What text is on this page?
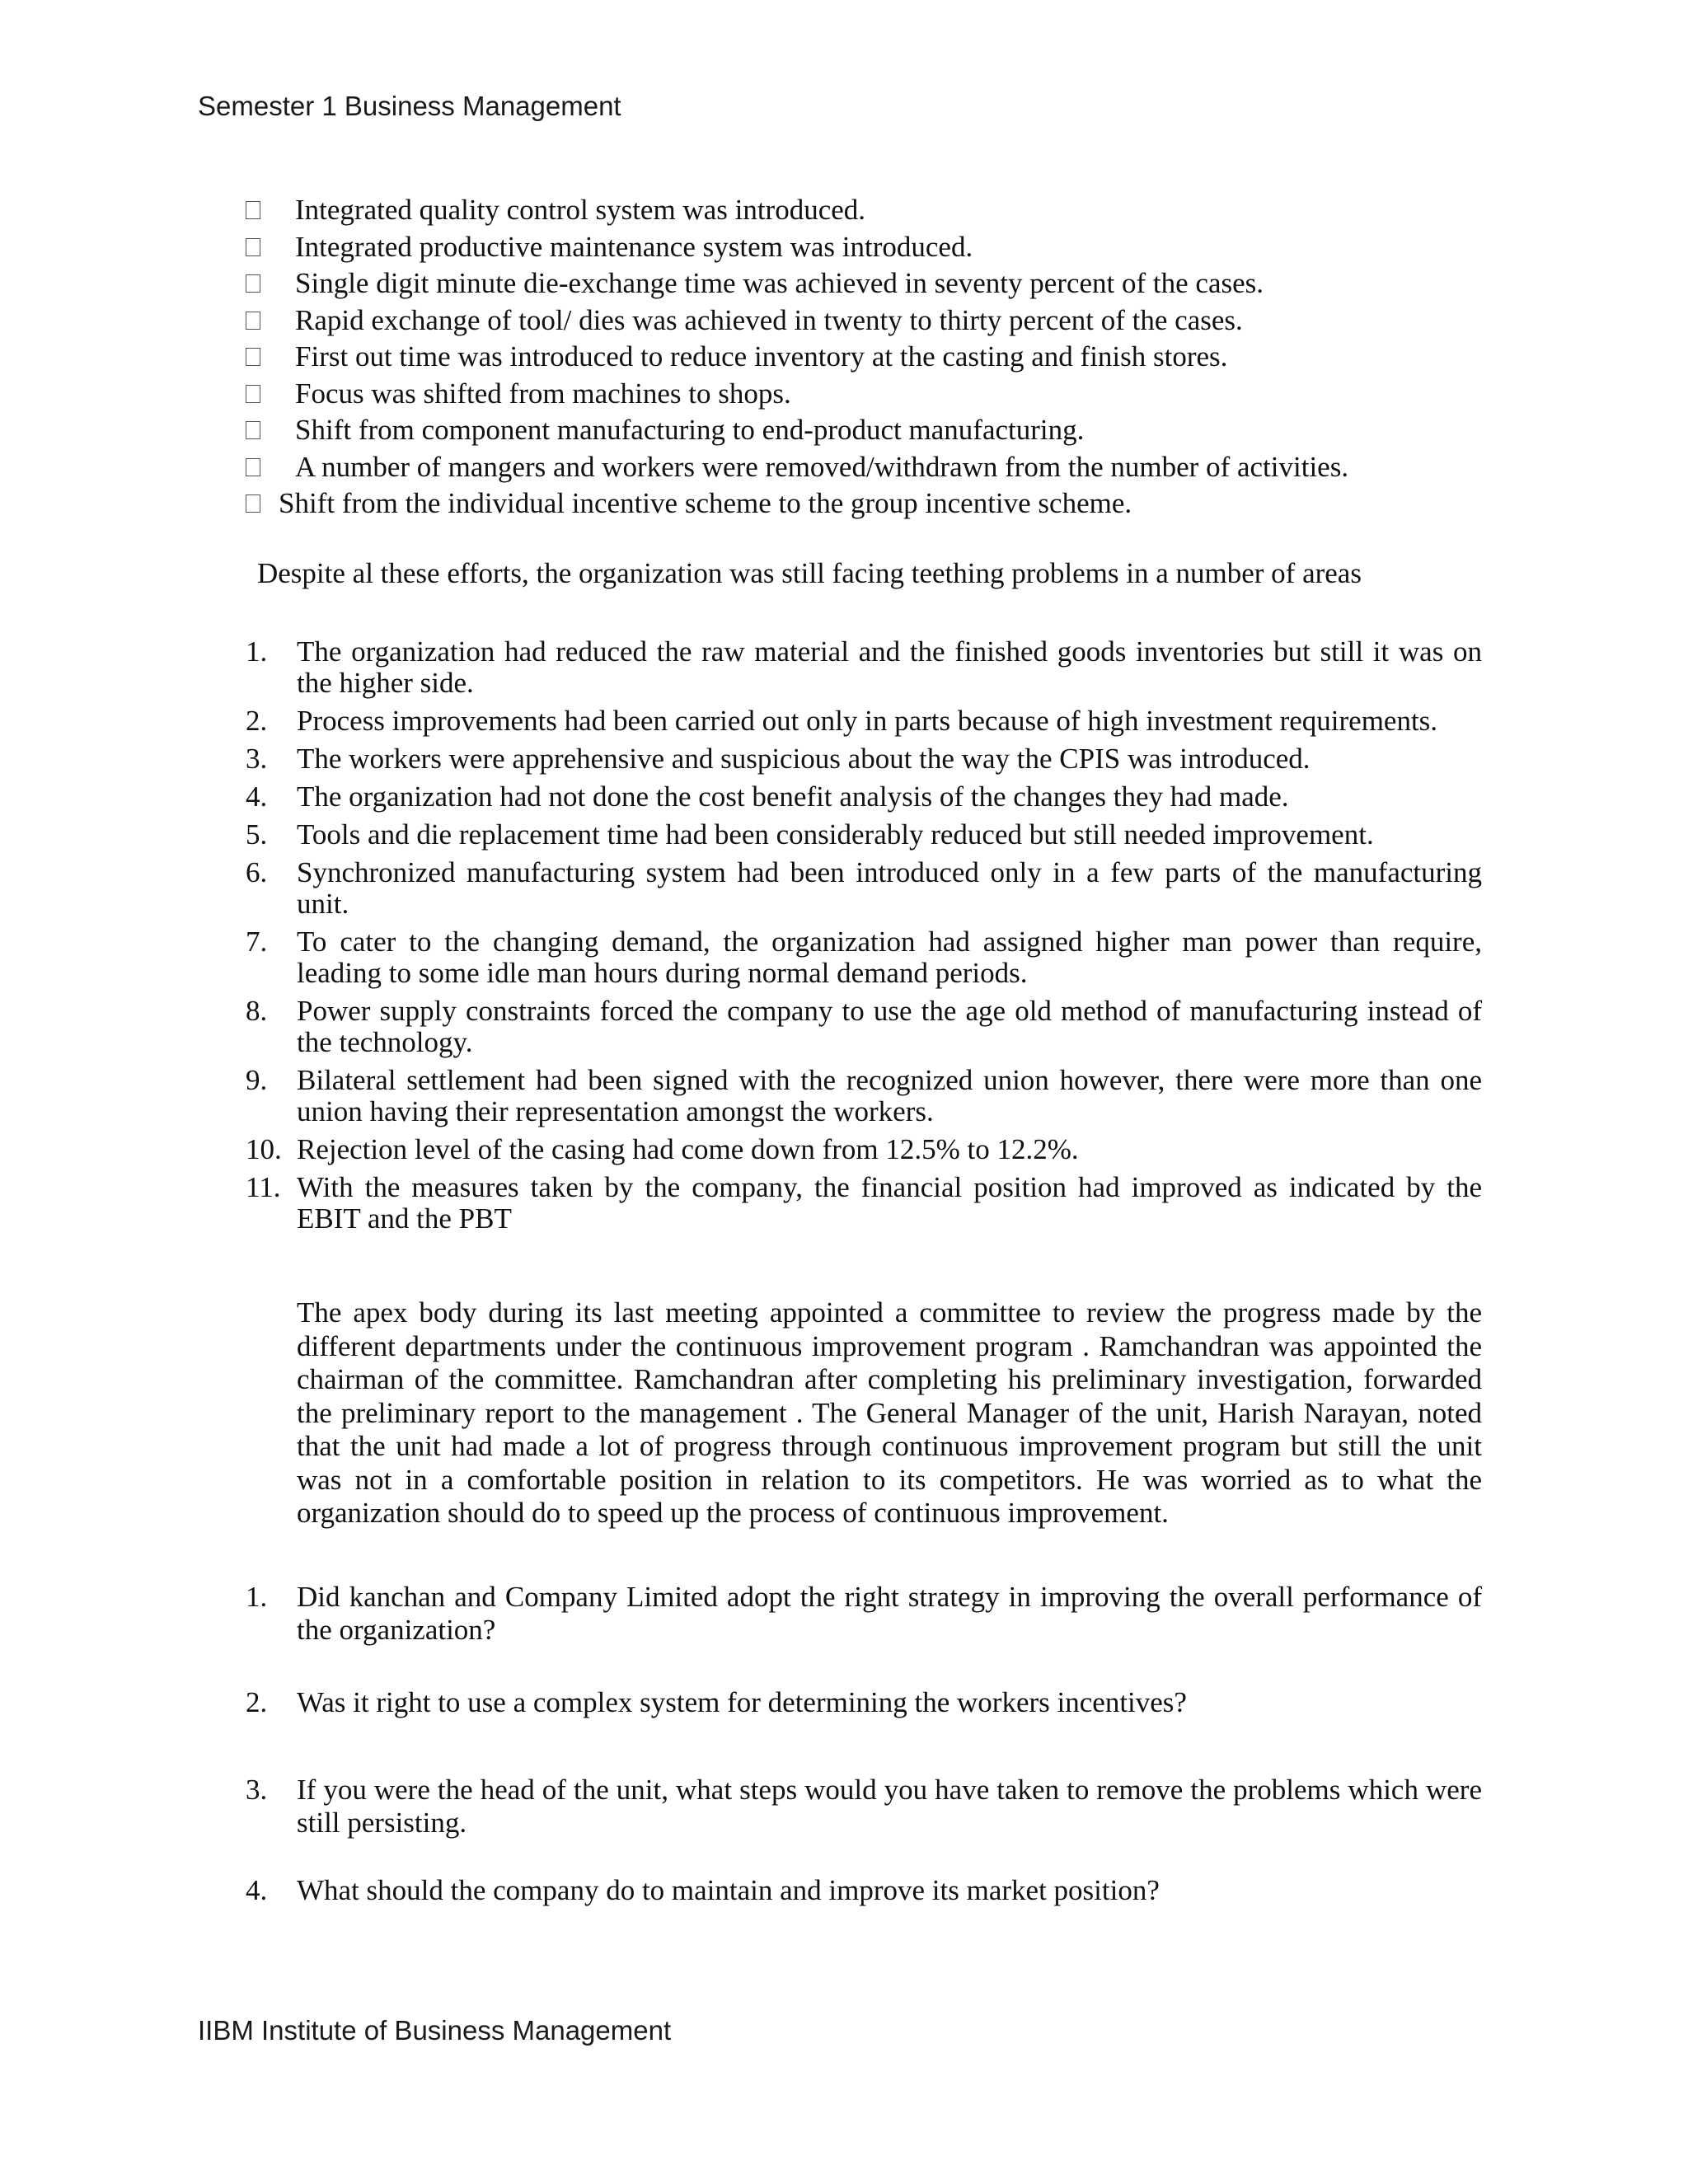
Semester 1 Business Management
Integrated quality control system was introduced.
Integrated productive maintenance system was introduced.
Single digit minute die-exchange time was achieved in seventy percent of the cases.
Rapid exchange of tool/ dies was achieved in twenty to thirty percent of the cases.
First out time was introduced to reduce inventory at the casting and finish stores.
Focus was shifted from machines to shops.
Shift from component manufacturing to end-product manufacturing.
A number of mangers and workers were removed/withdrawn from the number of activities.
Shift from the individual incentive scheme to the group incentive scheme.
Despite al these efforts, the organization was still facing teething problems in a number of areas
1. The organization had reduced the raw material and the finished goods inventories but still it was on the higher side.
2. Process improvements had been carried out only in parts because of high investment requirements.
3. The workers were apprehensive and suspicious about the way the CPIS was introduced.
4. The organization had not done the cost benefit analysis of the changes they had made.
5. Tools and die replacement time had been considerably reduced but still needed improvement.
6. Synchronized manufacturing system had been introduced only in a few parts of the manufacturing unit.
7. To cater to the changing demand, the organization had assigned higher man power than require, leading to some idle man hours during normal demand periods.
8. Power supply constraints forced the company to use the age old method of manufacturing instead of the technology.
9. Bilateral settlement had been signed with the recognized union however, there were more than one union having their representation amongst the workers.
10. Rejection level of the casing had come down from 12.5% to 12.2%.
11. With the measures taken by the company, the financial position had improved as indicated by the EBIT and the PBT

The apex body during its last meeting appointed a committee to review the progress made by the different departments under the continuous improvement program . Ramchandran was appointed the chairman of the committee. Ramchandran after completing his preliminary investigation, forwarded the preliminary report to the management . The General Manager of the unit, Harish Narayan, noted that the unit had made a lot of progress through continuous improvement program but still the unit was not in a comfortable position in relation to its competitors. He was worried as to what the organization should do to speed up the process of continuous improvement.

1. Did kanchan and Company Limited adopt the right strategy in improving the overall performance of the organization?
2. Was it right to use a complex system for determining the workers incentives?
3. If you were the head of the unit, what steps would you have taken to remove the problems which were still persisting.
4. What should the company do to maintain and improve its market position?
IIBM Institute of Business Management
